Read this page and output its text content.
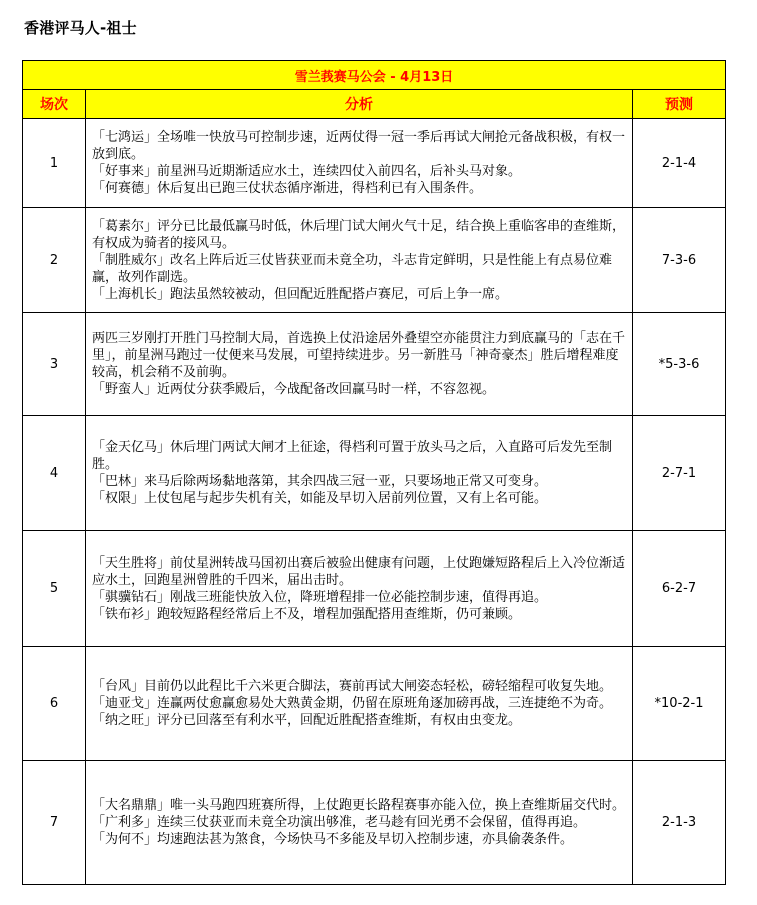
香港评马人-祖士
雪兰莪赛马公会 - 4月13日		
场次	分析	预测
1	「七鸿运」全场唯一快放马可控制步速，近两仗得一冠一季后再试大闸抢元备战积极，有权一放到底。
「好事来」前星洲马近期渐适应水土，连续四仗入前四名，后补头马对象。
「何赛德」休后复出已跑三仗状态循序渐进，得档利已有入围条件。	2-1-4
2	「葛素尔」评分已比最低赢马时低，休后埋门试大闸火气十足，结合换上重临客串的查维斯，有权成为骑者的接风马。
「制胜威尔」改名上阵后近三仗皆获亚而未竟全功，斗志肯定鲜明，只是性能上有点易位难赢，故列作副选。
「上海机长」跑法虽然较被动，但回配近胜配搭卢赛尼，可后上争一席。	7-3-6
3	两匹三岁刚打开胜门马控制大局，首选换上仗沿途居外叠望空亦能贯注力到底赢马的「志在千里」，前星洲马跑过一仗便来马发展，可望持续进步。另一新胜马「神奇豪杰」胜后增程难度较高，机会稍不及前驹。
「野蛮人」近两仗分获季殿后，今战配备改回赢马时一样，不容忽视。	*5-3-6
4	「金天亿马」休后埋门两试大闸才上征途，得档利可置于放头马之后，入直路可后发先至制胜。
「巴林」来马后除两场黏地落第，其余四战三冠一亚，只要场地正常又可变身。
「权限」上仗包尾与起步失机有关，如能及早切入居前列位置，又有上名可能。	2-7-1
5	「天生胜将」前仗星洲转战马国初出赛后被验出健康有问题，上仗跑嫌短路程后上入冷位渐适应水土，回跑星洲曾胜的千四米，届出击时。
「骐骥钻石」刚战三班能快放入位，降班增程排一位必能控制步速，值得再追。
「铁布衫」跑较短路程经常后上不及，增程加强配搭用查维斯，仍可兼顾。	6-2-7
6	「台风」目前仍以此程比千六米更合脚法，赛前再试大闸姿态轻松，磅轻缩程可收复失地。
「迪亚戈」连赢两仗愈赢愈易处大熟黄金期，仍留在原班角逐加磅再战，三连捷绝不为奇。
「纳之旺」评分已回落至有利水平，回配近胜配搭查维斯，有权由虫变龙。	*10-2-1
7	「大名鼎鼎」唯一头马跑四班赛所得，上仗跑更长路程赛事亦能入位，换上查维斯届交代时。
「广利多」连续三仗获亚而未竟全功演出够准，老马趁有回光勇不会保留，值得再追。
「为何不」均速跑法甚为煞食，今场快马不多能及早切入控制步速，亦具偷袭条件。	2-1-3
